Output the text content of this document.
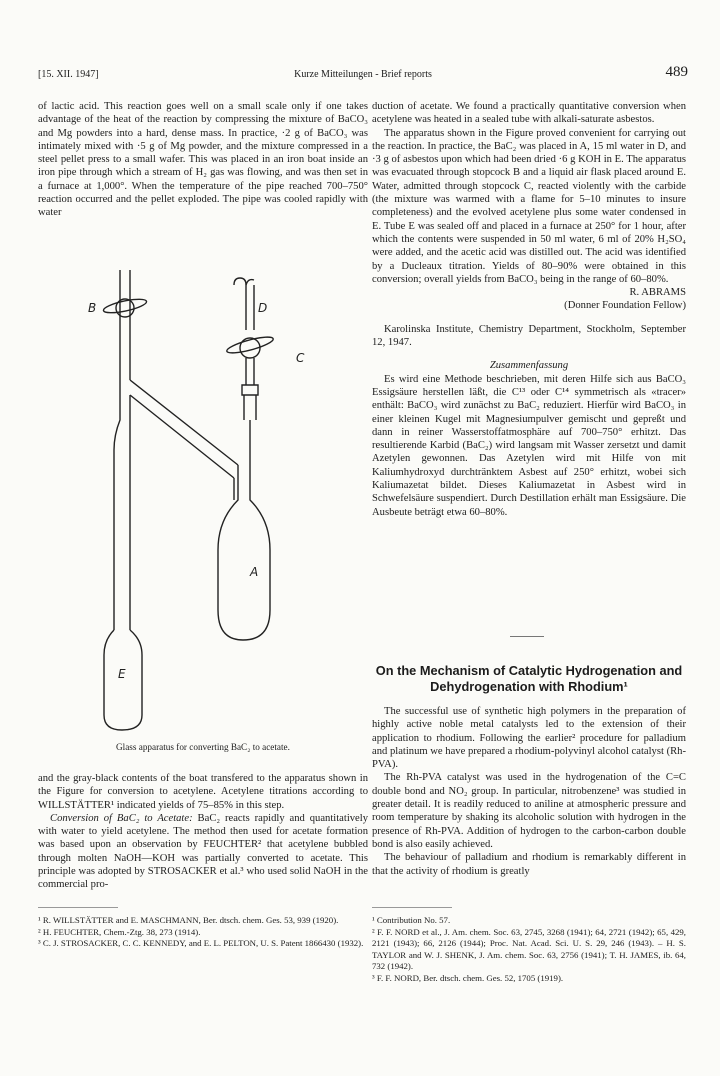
[15. XII. 1947]	Kurze Mitteilungen - Brief reports	489

of lactic acid. This reaction goes well on a small scale only if one takes advantage of the heat of the reaction by compressing the mixture of BaCO₃ and Mg powders into a hard, dense mass. In practice, ·2 g of BaCO₃ was intimately mixed with ·5 g of Mg powder, and the mixture compressed in a steel pellet press to a small wafer. This was placed in an iron boat inside an iron pipe through which a stream of H₂ gas was flowing, and was then set in a furnace at 1,000°. When the temperature of the pipe reached 700–750° reaction occurred and the pellet exploded. The pipe was cooled rapidly with water

B	D
C
A
E
Glass apparatus for converting BaC₂ to acetate.

and the gray-black contents of the boat transfered to the apparatus shown in the Figure for conversion to acetylene. Acetylene titrations according to WILLSTÄTTER¹ indicated yields of 75–85% in this step.

Conversion of BaC₂ to Acetate: BaC₂ reacts rapidly and quantitatively with water to yield acetylene. The method then used for acetate formation was based upon an observation by FEUCHTER² that acetylene bubbled through molten NaOH—KOH was partially converted to acetate. This principle was adopted by STROSACKER et al.³ who used solid NaOH in the commercial pro-

¹ R. WILLSTÄTTER and E. MASCHMANN, Ber. dtsch. chem. Ges. 53, 939 (1920).

² H. FEUCHTER, Chem.-Ztg. 38, 273 (1914).

³ C. J. STROSACKER, C. C. KENNEDY, and E. L. PELTON, U. S. Patent 1866430 (1932).

duction of acetate. We found a practically quantitative conversion when acetylene was heated in a sealed tube with alkali-saturate asbestos.

The apparatus shown in the Figure proved convenient for carrying out the reaction. In practice, the BaC₂ was placed in A, 15 ml water in D, and ·3 g of asbestos upon which had been dried ·6 g KOH in E. The apparatus was evacuated through stopcock B and a liquid air flask placed around E. Water, admitted through stopcock C, reacted violently with the carbide (the mixture was warmed with a flame for 5–10 minutes to insure completeness) and the evolved acetylene plus some water condensed in E. Tube E was sealed off and placed in a furnace at 250° for 1 hour, after which the contents were suspended in 50 ml water, 6 ml of 20% H₂SO₄ were added, and the acetic acid was distilled out. The acid was identified by a Ducleaux titration. Yields of 80–90% were obtained in this conversion; overall yields from BaCO₃ being in the range of 60–80%.

R. ABRAMS

(Donner Foundation Fellow)

Karolinska Institute, Chemistry Department, Stockholm, September 12, 1947.

Zusammenfassung

Es wird eine Methode beschrieben, mit deren Hilfe sich aus BaCO₃ Essigsäure herstellen läßt, die C¹³ oder C¹⁴ symmetrisch als «tracer» enthält: BaCO₃ wird zunächst zu BaC₂ reduziert. Hierfür wird BaCO₃ in einer kleinen Kugel mit Magnesiumpulver gemischt und gepreßt und dann in reiner Wasserstoffatmosphäre auf 700–750° erhitzt. Das resultierende Karbid (BaC₂) wird langsam mit Wasser zersetzt und damit Azetylen gewonnen. Das Azetylen wird mit Hilfe von mit Kaliumhydroxyd durchtränktem Asbest auf 250° erhitzt, wobei sich Kaliumazetat bildet. Dieses Kaliumazetat in Asbest wird in Schwefelsäure suspendiert. Durch Destillation erhält man Essigsäure. Die Ausbeute beträgt etwa 60–80%.

On the Mechanism of Catalytic Hydrogenation and Dehydrogenation with Rhodium¹

The successful use of synthetic high polymers in the preparation of highly active noble metal catalysts led to the extension of their application to rhodium. Following the earlier² procedure for palladium and platinum we have prepared a rhodium-polyvinyl alcohol catalyst (Rh-PVA).

The Rh-PVA catalyst was used in the hydrogenation of the C=C double bond and NO₂ group. In particular, nitrobenzene³ was studied in greater detail. It is readily reduced to aniline at atmospheric pressure and room temperature by shaking its alcoholic solution with hydrogen in the presence of Rh-PVA. Addition of hydrogen to the carbon-carbon double bond is also easily achieved.

The behaviour of palladium and rhodium is remarkably different in that the activity of rhodium is greatly

¹ Contribution No. 57.

² F. F. NORD et al., J. Am. chem. Soc. 63, 2745, 3268 (1941); 64, 2721 (1942); 65, 429, 2121 (1943); 66, 2126 (1944); Proc. Nat. Acad. Sci. U. S. 29, 246 (1943). – H. S. TAYLOR and W. J. SHENK, J. Am. chem. Soc. 63, 2756 (1941); T. H. JAMES, ib. 64, 732 (1942).

³ F. F. NORD, Ber. dtsch. chem. Ges. 52, 1705 (1919).
